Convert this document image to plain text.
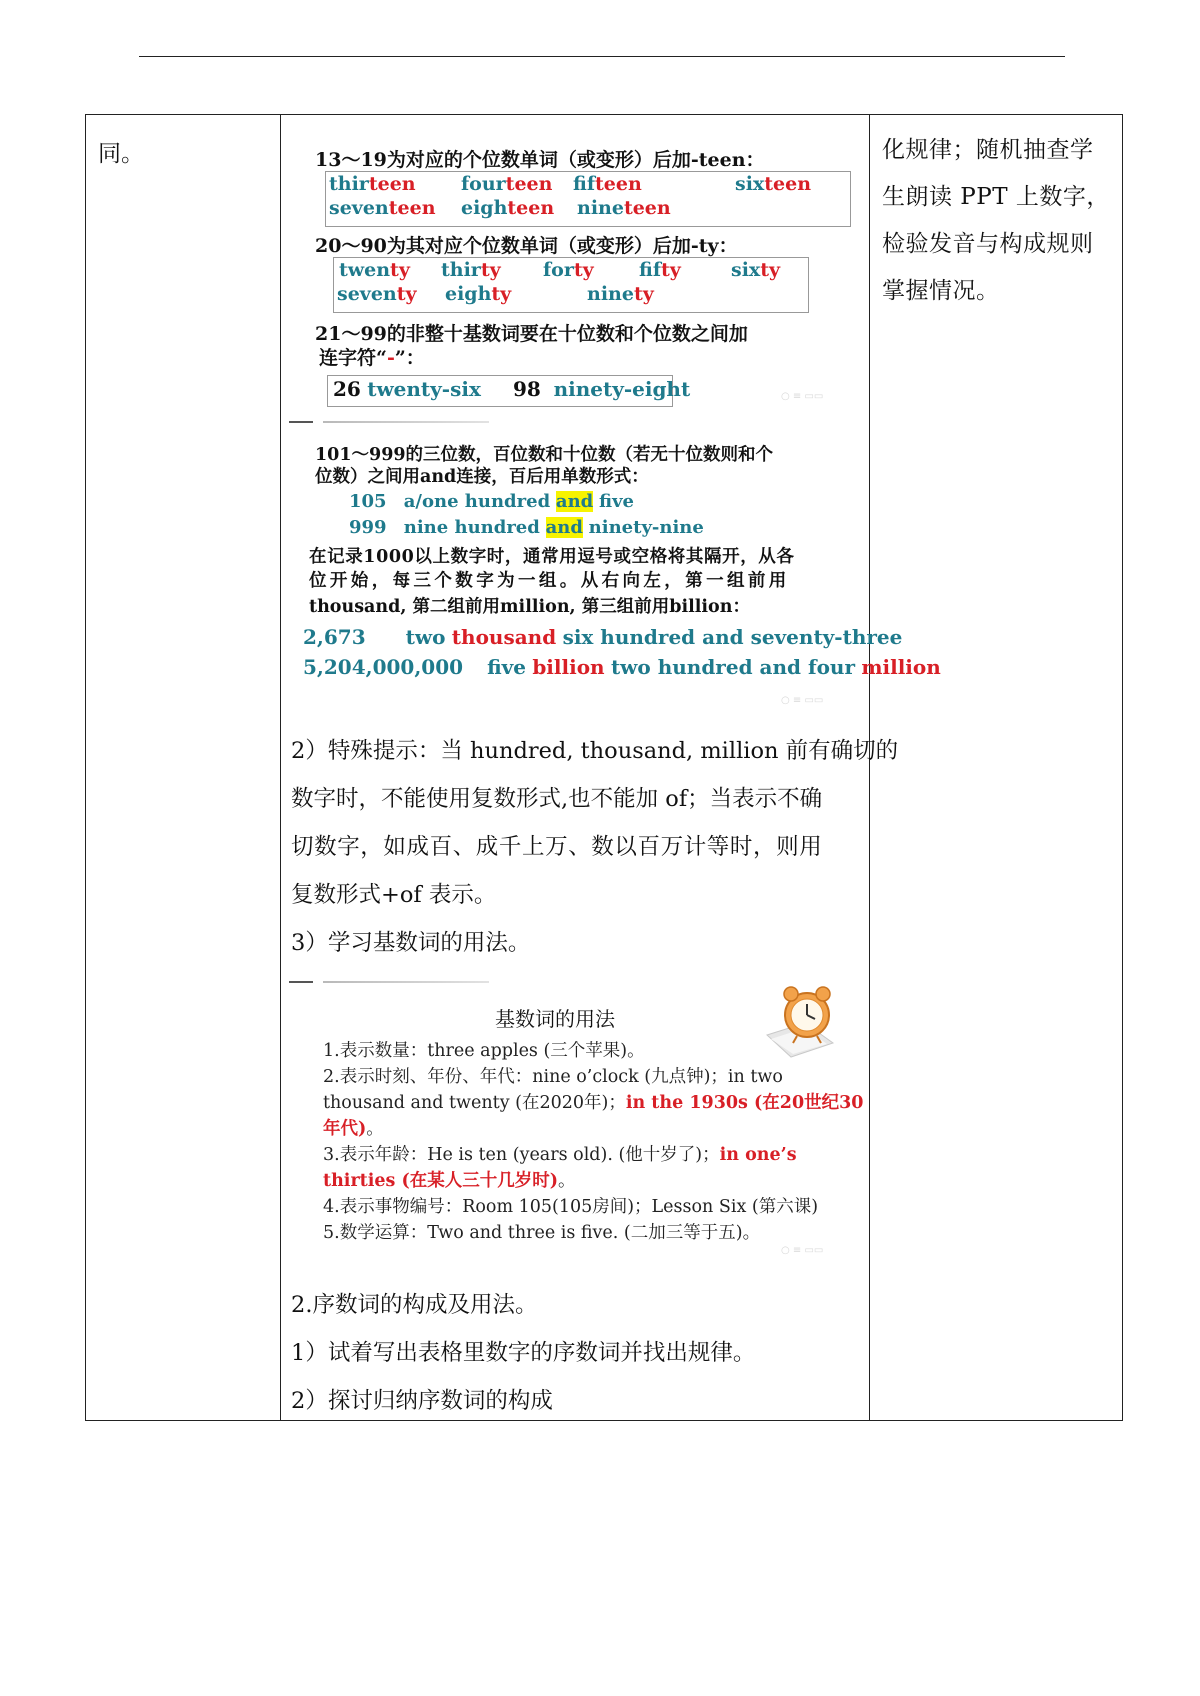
同。	13～19为对应的个位数单词（或变形）后加-teen：
thirteen fourteen fifteen	sixteen
seventeen eighteen nineteen
20～90为其对应个位数单词（或变形）后加-ty：
twenty thirty forty fifty	sixty
seventy eighty	ninety
21～99的非整十基数词要在十位数和个位数之间加
连字符“-”：
26 twenty-six 98 ninety-eight	○ ≡ ▭▭
101～999的三位数，百位数和十位数（若无十位数则和个
位数）之间用and连接，百后用单数形式：
105 a/one hundred and five
999 nine hundred and ninety-nine
在记录1000以上数字时，通常用逗号或空格将其隔开，从各
位开始，每三个数字为一组。从右向左，第一组前用
thousand, 第二组前用million, 第三组前用billion：
2,673 two thousand six hundred and seventy-three
5,204,000,000 five billion two hundred and four million
○ ≡ ▭▭
2）特殊提示：当 hundred, thousand, million 前有确切的
数字时，不能使用复数形式,也不能加 of；当表示不确
切数字，如成百、成千上万、数以百万计等时，则用
复数形式+of 表示。
3）学习基数词的用法。
基数词的用法
1.表示数量：three apples (三个苹果)。
2.表示时刻、年份、年代：nine o’clock (九点钟)；in two
thousand and twenty (在2020年)；in the 1930s (在20世纪30
年代)。
3.表示年龄：He is ten (years old). (他十岁了)；in one’s
thirties (在某人三十几岁时)。
4.表示事物编号：Room 105(105房间)；Lesson Six (第六课)
5.数学运算：Two and three is five. (二加三等于五)。
○ ≡ ▭▭
2.序数词的构成及用法。
1）试着写出表格里数字的序数词并找出规律。
2）探讨归纳序数词的构成

化规律；随机抽查学
生朗读 PPT 上数字，
检验发音与构成规则
掌握情况。
